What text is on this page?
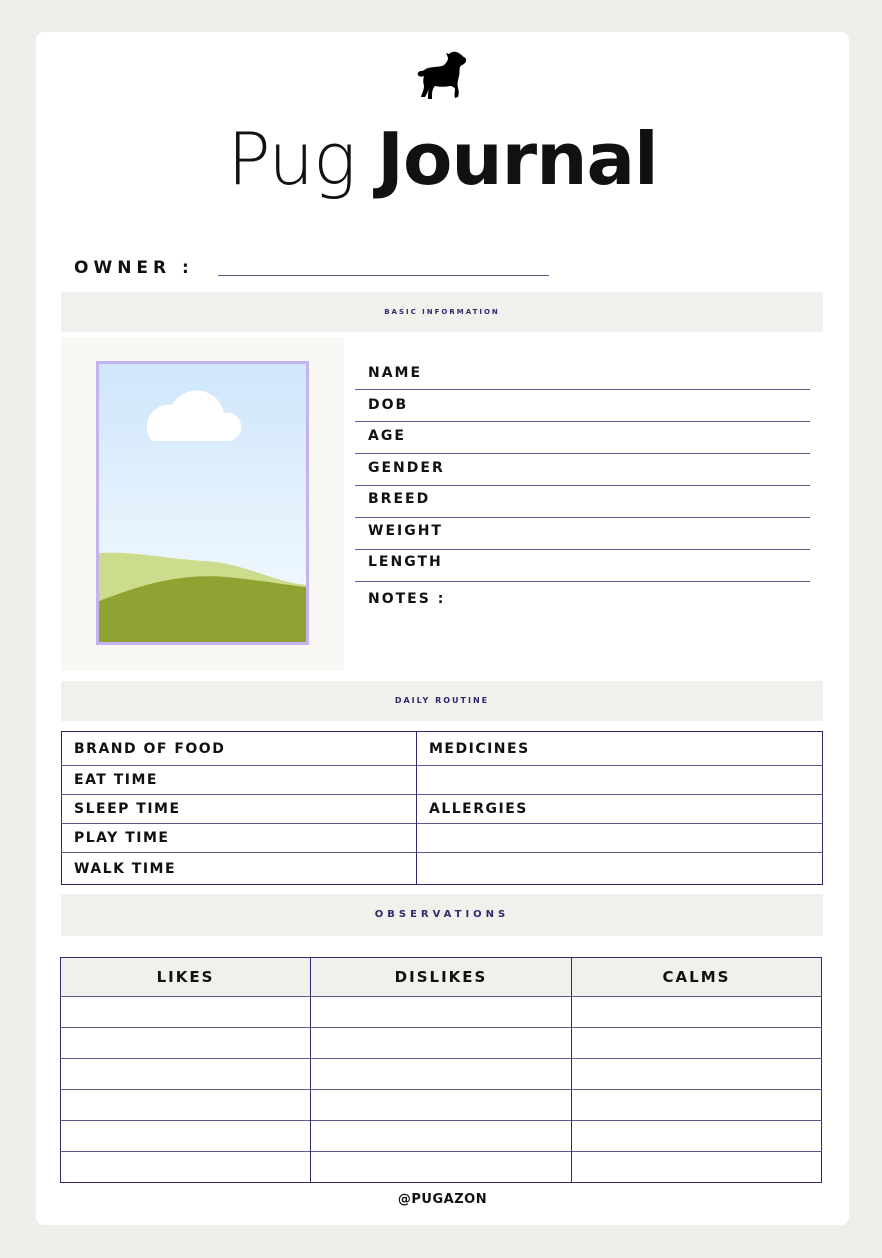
Pug Journal
OWNER :
BASIC INFORMATION
NAME
DOB
AGE
GENDER
BREED
WEIGHT
LENGTH
NOTES :
DAILY ROUTINE
BRAND OF FOOD	MEDICINES
EAT TIME	
SLEEP TIME	ALLERGIES
PLAY TIME	
WALK TIME	
OBSERVATIONS
LIKES	DISLIKES	CALMS

@PUGAZON
